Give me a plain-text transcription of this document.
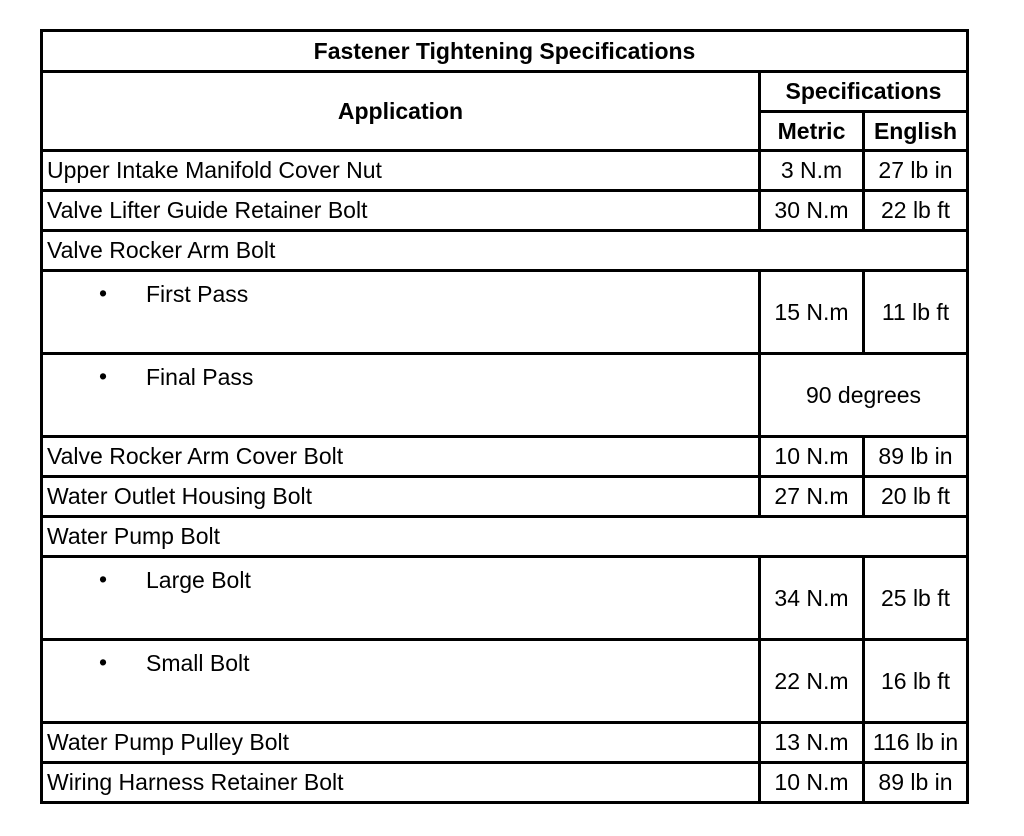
Fastener Tightening Specifications		
Application	Specifications	
	Metric	English
Upper Intake Manifold Cover Nut	3 N.m	27 lb in
Valve Lifter Guide Retainer Bolt	30 N.m	22 lb ft
Valve Rocker Arm Bolt		

• First Pass	15 N.m	11 lb ft

• Final Pass	90 degrees	
Valve Rocker Arm Cover Bolt	10 N.m	89 lb in
Water Outlet Housing Bolt	27 N.m	20 lb ft
Water Pump Bolt		

• Large Bolt	34 N.m	25 lb ft

• Small Bolt	22 N.m	16 lb ft
Water Pump Pulley Bolt	13 N.m	116 lb in
Wiring Harness Retainer Bolt	10 N.m	89 lb in
